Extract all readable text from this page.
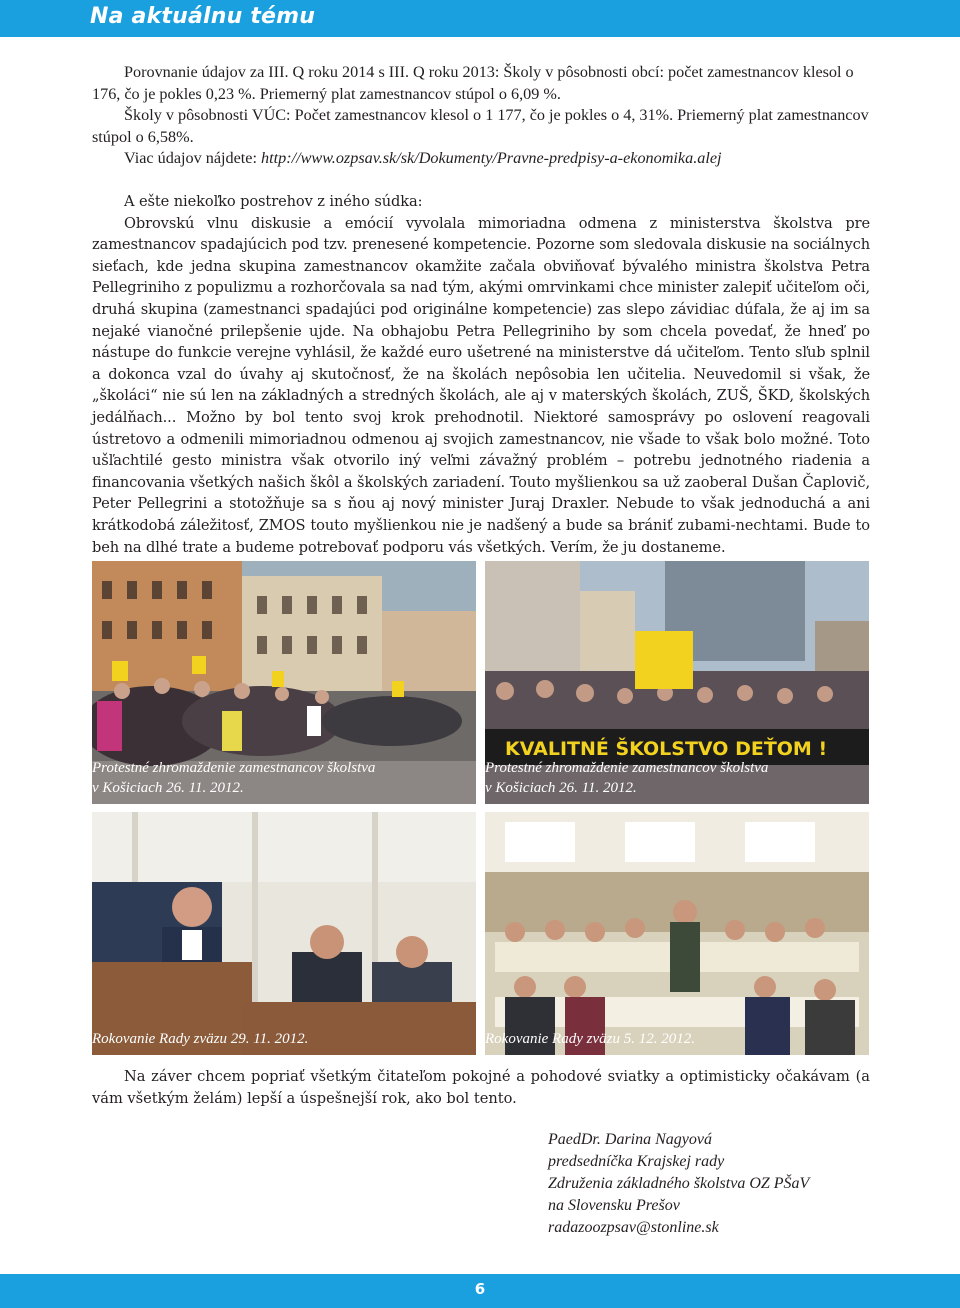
Na aktuálnu tému

Porovnanie údajov za III. Q roku 2014 s III. Q roku 2013: Školy v pôsobnosti obcí: počet zamestnancov klesol o 176, čo je pokles 0,23 %. Priemerný plat zamestnancov stúpol o 6,09 %.

Školy v pôsobnosti VÚC: Počet zamestnancov klesol o 1 177, čo je pokles o 4, 31%. Priemerný plat zamestnancov stúpol o 6,58%.

Viac údajov nájdete: http://www.ozpsav.sk/sk/Dokumenty/Pravne-predpisy-a-ekonomika.alej

A ešte niekoľko postrehov z iného súdka:

Obrovskú vlnu diskusie a emócií vyvolala mimoriadna odmena z ministerstva školstva pre zamestnancov spadajúcich pod tzv. prenesené kompetencie. Pozorne som sledovala diskusie na sociálnych sieťach, kde jedna skupina zamestnancov okamžite začala obviňovať bývalého ministra školstva Petra Pellegriniho z populizmu a rozhorčovala sa nad tým, akými omrvinkami chce minister zalepiť učiteľom oči, druhá skupina (zamestnanci spadajúci pod originálne kompetencie) zas slepo závidiac dúfala, že aj im sa nejaké vianočné prilepšenie ujde. Na obhajobu Petra Pellegriniho by som chcela povedať, že hneď po nástupe do funkcie verejne vyhlásil, že každé euro ušetrené na ministerstve dá učiteľom. Tento sľub splnil a dokonca vzal do úvahy aj skutočnosť, že na školách nepôsobia len učitelia. Neuvedomil si však, že „školáci“ nie sú len na základných a stredných školách, ale aj v materských školách, ZUŠ, ŠKD, školských jedálňach... Možno by bol tento svoj krok prehodnotil. Niektoré samosprávy po oslovení reagovali ústretovo a odmenili mimoriadnou odmenou aj svojich zamestnancov, nie všade to však bolo možné. Toto ušľachtilé gesto ministra však otvorilo iný veľmi závažný problém – potrebu jednotného riadenia a financovania všetkých našich škôl a školských zariadení. Touto myšlienkou sa už zaoberal Dušan Čaplovič, Peter Pellegrini a stotožňuje sa s ňou aj nový minister Juraj Draxler. Nebude to však jednoduchá a ani krátkodobá záležitosť, ZMOS touto myšlienkou nie je nadšený a bude sa brániť zubami-nechtami. Bude to beh na dlhé trate a budeme potrebovať podporu vás všetkých. Verím, že ju dostaneme.

Protestné zhromaždenie zamestnancov školstva
v Košiciach 26. 11. 2012.
KVALITNÉ ŠKOLSTVO DEŤOM !
Protestné zhromaždenie zamestnancov školstva
v Košiciach 26. 11. 2012.
Rokovanie Rady zväzu 29. 11. 2012.	Rokovanie Rady zväzu 5. 12. 2012.

Na záver chcem popriať všetkým čitateľom pokojné a pohodové sviatky a optimisticky očakávam (a vám všetkým želám) lepší a úspešnejší rok, ako bol tento.

PaedDr. Darina Nagyová
predsedníčka Krajskej rady
Združenia základného školstva OZ PŠaV
na Slovensku Prešov
radazoozpsav@stonline.sk
6
